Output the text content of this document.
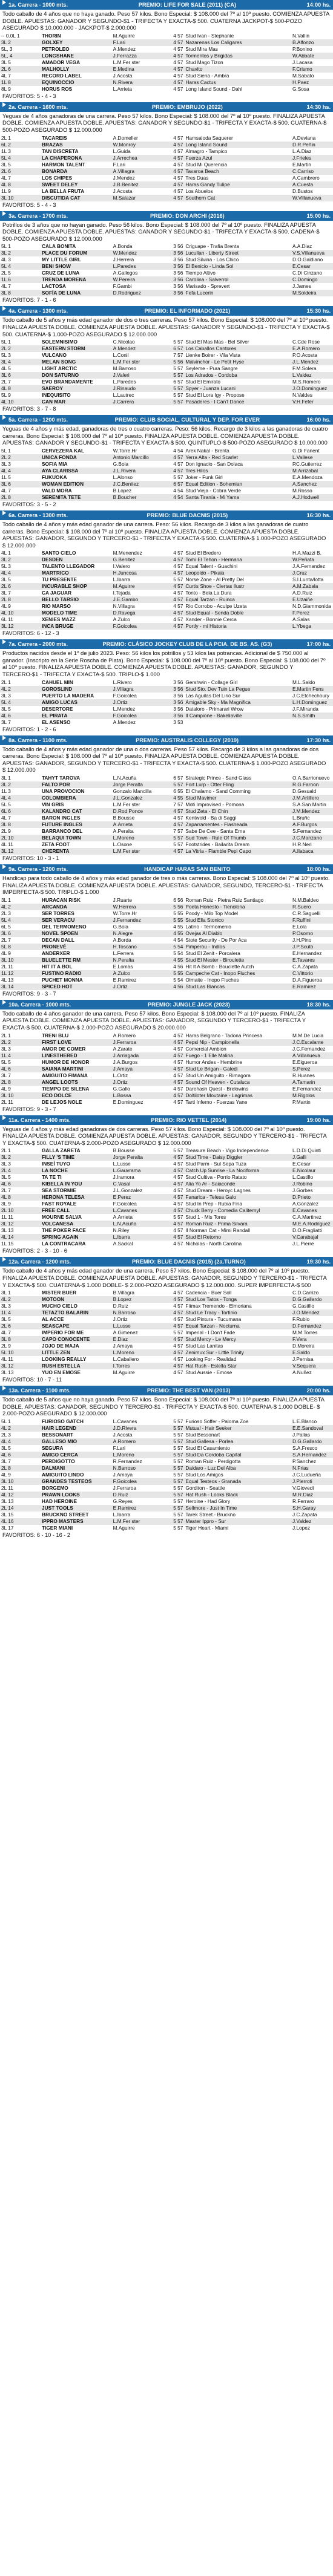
1a. Carrera - 1000 mts.	PREMIO: LIFE FOR SALE (2011) (CA)	14:00 hs.
Todo caballo de 4 años que no haya ganado. Peso 57 kilos. Bono Especial: $ 108.000 del 7º al 10º puesto. COMIENZA APUESTA DOBLE. APUESTAS: GANADOR Y SEGUNDO-$1 - TRIFECTA Y EXACTA-$ 500. CUATERNA JACKPOT-$ 500-POZO ASEGURADO $ 10.000.000 - JACKPOT-$ 2.000.000
-- 0.0L 1	THORIN	M.Aguirre	4 57	Stud Ivan - Stephanie	N.Vallin
3L 2	GOLXEY	F.Lari	4 57	Nazarenas Los Caligares	B.Alfonzo
5L, 3	PETROLEO	A.Mendez	4 57	Stud Mira Mas	P.Bonino
5L, 4	LONGSHANE	J.Ferrazza	4 57	Tormentos y Brigidas	W.Abbate
3L 5	AMADOR VEGA	L.M.Fer ster	4 57	Stud Mago Tizon	J.Lacasa
2L 6	MALHOLLY	E.Medina	4 57	Chavito	F.Crismo
4L 7	RECORD LABEL	J.Acosta	4 57	Stud Siena - Ambra	M.Sabato
1L 8	EQUINOCCIO	N.Rivera	4 57	Haras Cactus	H.Paez
8L 9	HORUS ROS	L.Arrieta	4 57	Long Island Sound - Dahl	G.Sosa
FAVORITOS: 5 - 4 - 3
2a. Carrera - 1600 mts.	PREMIO: EMBRUJO (2022)	14:30 hs.
Yeguas de 4 años ganadoras de una carrera. Peso 57 kilos. Bono Especial: $ 108.000 del 7º al 10º puesto. FINALIZA APUESTA DOBLE. COMIENZA APUESTA DOBLE. APUESTAS: GANADOR Y SEGUNDO-$1 - TRIFECTA Y EXACTA-$ 500. CUATERNA-$ 500-POZO ASEGURADO $ 12.000.000
2L 1	TACAREIS	A.Domeller	4 57	Hamsaloda Saquerer	A.Deviana
6L 2	BRAZAS	W.Monroy	4 57	Long Island Sound	D.R.Peñin
1L 3	TAN DISCRETA	L.Guida	4 57	Almagro - Tampico	L.A.Diaz
5L 4	LA CHAPERONA	J.Arrechea	4 57	Fuerza Azul	J.Frieles
3L 5	HARMON TALENT	F.Lari	4 57	Stud Mi Querencia	E.Martin
2L 6	BONARDA	A.Villagra	4 57	Tavaroa Beach	C.Carriso
4L 7	LOS CHIPES	J.Mendez	4 57	Tres Duas	A.Cambrero
4L 8	SWEET DELEY	J.B.Benitez	4 57	Haras Gandy Tulipe	A.Cuesta
1L 9	LA BELLA FRUTA	J.Acosta	4 57	Los Abuelos	D.Bustos
3L 10	DISCUTIDA CAT	M.Salazar	4 57	Southern Cat	W.Villanueva
FAVORITOS: 5 - 4 - 3
3a. Carrera - 1700 mts.	PREMIO: DON ARCHI (2016)	15:00 hs.
Potrillos de 3 años que no hayan ganado. Peso 56 kilos. Bono Especial: $ 108.000 del 7º al 10º puesto. FINALIZA APUESTA DOBLE. COMIENZA APUESTA DOBLE. APUESTAS: GANADOR Y SEGUNDO-$1 - TRIFECTA Y EXACTA-$ 500. CADENA-$ 500-POZO ASEGURADO $ 12.000.000
5L 1	CALA BONITA	A.Bonda	3 56	Criguape - Trafia Brenta	A.A.Diaz
3L 2	PLACE DU FORUM	W.Mendez	3 56	Lucullan - Liberty Street	V.S.Villanueva
4L 3	MY LITTLE GIRL	J.Herrera	3 56	Stud Silvina - Los Chico	D.O.Galdiano
5L 4	BENI SHOW	L.Paredes	3 56	El Benicio - Linda Sol	E.Cesar
2L 5	CRUZ DE LUNA	A.Gallegos	3 56	Tiempo Altivo	C.Di Cinzano
1L 6	TRENDA MORENA	W.Pereira	3 56	Carolina - Salverrol	C.Domingo
4L 7	LACTOSA	F.Gambi	3 56	Marisado - Sprevert	J.James
3L 8	SOFÍA DE LUNA	D.Rodriguez	3 56	Fefa Lucerin	M.Soldeira
FAVORITOS: 7 - 1 - 6
4a. Carrera - 1300 mts.	PREMIO: EL INFORMADO (2021)	15:30 hs.
Todo caballo de 5 años y más edad ganador de dos o tres carreras. Peso 57 kilos. Bono Especial: $ 108.000 del 7º al 10º puesto. FINALIZA APUESTA DOBLE. COMIENZA APUESTA DOBLE. APUESTAS: GANADOR Y SEGUNDO-$1 - TRIFECTA Y EXACTA-$ 500. CUATERNA-$ 1.000-POZO ASEGURADO $ 12.000.000
5L 1	SOLEMNISIMO	C.Nicolao	5 57	Stud El Mas Mas - Bel Silver	C.Cde Rose
2L 2	EASTERN STORM	A.Mendez	6 57	Los Caballos Cantores	E.A.Romero
5L 3	VULCANO	L.Conil	7 57	Lienke Boirer - Vila Vista	P.O.Acosta
3L 4	MELAN SONG	L.M.Fer ster	5 56	Malvinchor - Le Petit Hyse	J.L.Mendez
4L 5	LIGHT ARCTIC	M.Barroso	5 57	Seyleme - Pura Sangre	F.M.Solera
3L 6	DON SATURNO	J.Valeri	5 57	Los Adrados - Cordoba	L.Valdez
2L 7	EVO BRANDAMENTE	L.Paredes	6 57	Stud El Emirato	M.S.Romero
4L 8	SAEROY	J.Rinaudo	5 57	Spyer - Juanza Lucani	J.O.Dominguez
5L 9	INEQUISITO	L.Lautrec	5 57	Stud El Lora Igy - Propose	N.Valdes
4L 10	CAN MAR	J.Carrera	5 57	Pasaderes - I Can't Dance	V.H.Fefer
FAVORITOS: 3 - 7 - 8
5a. Carrera - 1200 mts.	PREMIO: CLUB SOCIAL, CULTURAL Y DEP. FOR EVER	16:00 hs.
Yeguas de 4 años y más edad, ganadoras de tres o cuatro carreras. Peso: 56 kilos. Recargo de 3 kilos a las ganadoras de cuatro carreras. Bono Especial: $ 108.000 del 7º al 10º puesto. FINALIZA APUESTA DOBLE. COMIENZA APUESTA DOBLE. APUESTAS: GANADOR Y SEGUNDO-$1 - TRIFECTA Y EXACTA-$ 500. QUINTUPLO-$ 500-POZO ASEGURADO $ 10.000.000
5L 1	CERVEZERA KAL	W.Torre.Hr	4 54	Arek Nakal - Brenta	G.Di Fanent
2L 2	UNICA FONDA	Antonio Marcillo	4 57	Yerra Alta - Red Scarlet	L.Vallese
3L 3	SOFIA MIA	G.Bola	4 57	Don Ignacio - San Dolaca	RC.Gutierrez
4L 4	AYA CLARISSA	J.L.Rivera	4 57	Tres Hilos	M.Arrizabal
1L 5	FUKUOKA	L.Alonso	5 57	Joker - Funk Girl	E.A.Mendoza
3L 6	WOMAN EDITION	J.C.Benitez	6 57	Equal Edition - Bohemian	A.Sanchez
4L 7	VALD MORA	B.Lopez	4 54	Stud Vieja - Cobra Verde	M.Rosso
2L 8	SERENITA TETE	B.Boucher	4 54	Santa Tiranía - Mi Yama	A.J.Hodwell
FAVORITOS: 3 - 5 - 2
6a. Carrera - 1300 mts.	PREMIO: BLUE DACNIS (2015)	16:30 hs.
Todo caballo de 4 años y más edad ganador de una carrera. Peso: 56 kilos. Recargo de 3 kilos a las ganadoras de cuatro carreras. Bono Especial: $ 108.000 del 7º al 10º puesto. FINALIZA APUESTA DOBLE. COMIENZA APUESTA DOBLE. APUESTAS: GANADOR, SEGUNDO Y TERCERO-$1 - TRIFECTA Y EXACTA-$ 500. CUATERNA-$ 1.000-POZO ASEGURADO $ 12.000.000
4L 1	SANTO CIELO	M.Menendez	4 57	Stud El Bredero	H.A.Mazzi B.
3L 2	DESDEN	G.Benitez	4 57	Tomi El Tehon - Hermana	W.Peñata
5L 3	TALENTO LLEGADOR	I.Valero	4 57	Equal Talent - Guachini	J.A.Fernandez
4L 4	MARTRICO	H.Juncosa	4 57	Leopoldo - Pikaia	J.Cruz
3L 5	TU PRESENTE	L.Ibarra	5 57	Norse Zone - Al Pretty Del	S.I.Lunta/lotta
2L 6	INCURABLE SHOP	M.Aguirre	4 57	Curtis Shoe - Ciertas Ilustr	A.M.Zabala
3L 7	CA JAGUAR	I.Tejada	4 57	Tonto - Bela La Dura	A.D.Ruiz
2L 8	BELLO TARSIO	J.E.Gambo	4 57	Equal Tarzan - Ruinca	E.Uzaiñe
4L 9	RIO MARSO	N.Villagra	4 57	Rio Corrobo - Aculpe Uzeta	N.D.Giammonida
4L 10	MODELO TIME	D.Ravega	4 57	Stud Equal - Senda Doble	F.Perez
6L 11	XENIES MAZZ	A.Zulco	4 57	Xander - Bonnie Cerca	A.Salas
3L 12	INCA BRUGE	F.Goicolea	4 57	Portly - mi Historia	L.Ybega
FAVORITOS: 6 - 12 - 3
7a. Carrera - 2000 mts.	PREMIO: CLÁSICO JOCKEY CLUB DE LA PCIA. DE BS. AS. (G3)	17:00 hs.
Productos nacidos desde el 1º de julio 2023. Peso: 56 kilos los potrillos y 53 kilos las potrancas. Adicional de $ 750.000 al ganador. (Inscripto en la Serie Roscha de Plata). Bono Especial: $ 108.000 del 7º al 10º puesto. Bono Especial: $ 108.000 del 7º al 10º puesto. FINALIZA APUESTA DOBLE. COMIENZA APUESTA DOBLE. APUESTAS: GANADOR, SEGUNDO Y TERCERO-$1 - TRIFECTA Y EXACTA-$ 500. TRIPLO-$ 1.000
2L 1	CAHUEL MIN	L.Rivero	3 56	Gershwin - Collage Girl	M.L.Saldo
4L 2	GOROSLIND	J.Villagra	3 56	Stud Sto. Dev Tuin La Pegue	E.Martin Fens
3L 3	PUERTO LA MADERA	F.Goicolea	3 56	Las Aguilas Del Lirio Sur	J.C.Etchechoury
5L 4	AMIGO LUCAS	J.Ortiz	3 56	Amigable Sky - Ma Magnifica	L.H.Dominguez
3L 5	DESERTORE	L.Mendez	3 56	Dataloro - Primarari Wrow	J.F.Miranda
4L 6	EL PIRATA	F.Goicolea	3 56	Il Campione - Bakeliaville	N.S.Smith
3L 7	EL ASENSO	A.Mendez	3 53		
FAVORITOS: 1 - 2 - 6
8a. Carrera - 1100 mts.	PREMIO: AUSTRALIS COLLEGY (2019)	17:30 hs.
Todo caballo de 4 años y más edad ganador de una o dos carreras. Peso 57 kilos. Recargo de 3 kilos a las ganadoras de dos carreras. Bono Especial: $ 108.000 del 7º al 10º puesto. FINALIZA APUESTA DOBLE. COMIENZA APUESTA DOBLE. APUESTAS: GANADOR, SEGUNDO Y TERCERO-$1 - TRIFECTA Y EXACTA-$ 500. CUATERNA-$ 1.000-POZO ASEGURADO $ 12.000.000
3L 1	TAHYT TAROVA	L.N.Acuña	6 57	Strategic Prince - Sand Glass	O.A.Barrionuevo
3L 2	FALTO POR	Jorge Peralta	5 57	Fort Lurp - Otter Fling	R.G.Farnon
1L 3	UNA PROVOCION	Gonzalo Mancilla	6 55	El Chalamo - Sand Comming	D.Gesuald
4L 4	COLOMBIERA	J.L.Gonzalez	4 55	Stud Mavimer	J.M.Artillero
5L 5	VIN GRIS	L.M.Fer ster	7 57	Moti Improvised - Pomona	S.A.San Martin
6L 6	KALANDRO CAT	D.Rod Ponce	4 57	Stud Zeta - El Chin	J.M.Mendez
4L 7	BARON INGLES	B.Bousse	4 57	Kentwold - Ba di Saggi	L.Bruñc
3L 8	FUTURE INGLES	A.Arrieta	4 57	Zaparramentes - Flasheada	A.F.Burgos
2L 9	BARRANCO DEL	A.Peralta	7 57	Sabe De Cee - Santa Erna	S.Fernandez
2L 10	BELAQUI TOWN	L.Moreno	5 57	Sud Town - Rule Of Thumb	J.C.Manzano
4L 11	ZETA FOOT	L.Osone	5 57	Footstrides - Bailarita Dream	H.R.Neri
3L 12	CHERENTA	L.M.Fer ster	4 57	La Vitria - Flambie Pepi Capo	A.Ilabaca
FAVORITOS: 10 - 3 - 1
9a. Carrera - 1200 mts.	HANDICAP HARAS SAN BENITO	18:00 hs.
Handicap para todo caballo de 4 años y más edad ganador de tres o más carreras. Bono Especial: $ 108.000 del 7º al 10º puesto. FINALIZA APUESTA DOBLE. COMIENZA APUESTA DOBLE. APUESTAS: GANADOR, SEGUNDO, TERCERO-$1 - TRIFECTA IMPERFECTA-$ 500. TRIPLO-$ 1.000
3L 1	HURACAN RISK	J.Ruarte	6 56	Roman Ruiz - Pietra Ruiz Santiago	N.M.Baldeo
4L 2	ARCANDA	W.Herrera	5 56	Poeta Honesto - Tienolona	R.Suero
2L 3	SER TORRES	W.Torre.Hr	5 55	Poody - Milo Top Model	C.R.Saguelli
5L 4	SER VERACU	J.Fernandez	5 55	Stud Ella Stonico	F.Ruffini
6L 5	DEL TERMOMENO	G.Bola	4 55	Latino - Termomenio	E.Lola
3L 6	NOVEL SPOEN	N.Alegre	4 55	Ovejas Al Diablo	P.Osorno
2L 7	DECAN DALL	A.Borda	4 54	Stote Security - De Por Aca	J.H.Pino
5L 8	PRONEVÉ	H.Toscano	5 54	Pimperou - Indios	J.P.Scuto
4L 9	ANDERXER	L.Ferrera	5 54	Stud El Zenit - Porcalera	E.Hernandez
3L 10	BLUELETTE RM	N.Peralta	4 55	Stud El Mester - Biroulette	E.Tavares
2L 11	HIT IT A BOL	E.Lomas	4 56	Hit It A Bomb - Bouclette Autch	C.A.Zapata
1L 12	FUSTINO RADIO	A.Zulco	5 55	Campeche Cat - Inopo Fluches	C.Vittorio
4L 13	PUCHET MONNA	E.Ramirez	5 54	Olmaite - Inopo Fluches	D.A.Figueroa
3L 14	SPICED HOT	J.Ortiz	4 56	Stud Las Blancas	E.Ramirez
FAVORITOS: 9 - 3 - 7
10a. Carrera - 1000 mts.	PREMIO: JUNGLE JACK (2023)	18:30 hs.
Todo caballo de 4 años ganador de una carrera. Peso 57 kilos. Bono Especial: $ 108.000 del 7º al 10º puesto. FINALIZA APUESTA DOBLE. COMIENZA APUESTA DOBLE. APUESTAS: GANADOR, SEGUNDO Y TERCERO-$1 - TRIFECTA Y EXACTA-$ 500. CUATERNA-$ 2.000-POZO ASEGURADO $ 20.000.000
2L 1	TRENI BLU	A.Romero	4 57	Haras Belgrano - Tadona Princesa	M.M.De Lucia
2L 2	FIRST LOVE	J.Ferraroa	4 57	Pepsi Nip - Campionella	J.C.Escalante
3L 3	AMOR DE COMER	A.Zarate	4 57	Comercial Ambion	J.C.Fernandez
1L 4	LINESTHERED	J.Arriagada	4 57	Fuego - 1 Elle Malina	A.Villanueva
5L 5	HUMOR DE HONOR	J.A.Burgos	4 57	Humor Andes - Hembrine	E.Eigueroa
4L 6	SAIANA MARTINI	J.Amaya	4 57	Stud Le Brigan - Galedi	S.Perez
3L 7	AMIGUITO FIMANA	L.Ortiz	4 57	Stud Un Amiguito - Rimagora	R.Huanes
2L 8	ANGEL LOOTS	J.Ortiz	4 57	Sound Of Heaven - Cutaluca	A.Tamarin
4L 9	TIEMPO DE SILENA	G.Gallo	4 57	Darehash Quest - Brelowins	E.Fernandez
3L 10	ECO DOLCE	L.Bossa	4 57	Doltiloter Moutaine - Lagrimas	M.Rigolos
2L 11	DE LEJOS NOLE	E.Dominguez	4 57	Tarti Inferno - Fuerzas Yane	P.Martin
FAVORITOS: 9 - 3 - 7
11a. Carrera - 1400 mts.	PREMIO: RIO VETTEL (2014)	19:00 hs.
Yeguas de 4 años y más edad ganadoras de dos carreras. Peso 57 kilos. Bono Especial: $ 108.000 del 7º al 10º puesto. FINALIZA APUESTA DOBLE. COMIENZA APUESTA DOBLE. APUESTAS: GANADOR, SEGUNDO Y TERCERO-$1 - TRIFECTA Y EXACTA-$ 500. CUATERNA-$ 2.000-POZO ASEGURADO $ 12.000.000
2L 1	GALLA ZARETA	B.Bousse	5 57	Treasure Beach - Vigo Independence	L.D.Di Quinti
3L 2	FILLY 'S TIME	Jorge Peralta	4 57	Stud Time - Daisy Diggler	J.Galli
3L 3	INSEÍ TUYO	L.Lusse	4 57	Stud Parm - Sul Sepa Tuza	E.Cesar
2L 4	LA NOCHE	L.Gauvrama	4 57	Catch Up Sunrise - La Nociforma	E.Nicolaur
3L 5	TA TE TI	J.Iramora	4 57	Stud Cultiva - Porrio Ratato	L.Castillo
4L 6	KIBELLA IN YOU	C.Vasal	4 57	Alia Yo Ar - Saiaconde	J.Robino
2L 7	SEA STORMIE	J.L.Gonzalez	4 57	Stud Dream - Heroyc Lagnes	J.Gorbes
4L 8	HERONA TELESA	E.Perez	4 57	Fanarica - Telesa Galo	D.Prieto
3L 9	FAST ROYALE	F.Goicolea	4 57	Stud In Prep - Rubia Fina	A.Gonzalez
2L 10	FREE CALL	L.Cavanes	4 57	Chuck Berry - Comedia Caliternyl	E.Cavanes
1L 11	MOURNE SALVA	A.Arrieta	5 57	Stud 1 - Mis Tores	C.A.Martinez
3L 12	VOLCANESA	L.N.Acuña	4 57	Roman Ruiz - Prima Silvara	M.E.A.Rodriguez
3L 13	THE POKER FACE	N.Riley	4 57	Il Norman Cat - Mimi Randall	D.O.Fragliatti
4L 14	SPRING AGAIN	L.Ibarra	4 57	Stud El Retorno	V.Carabajal
1L 15	LA CONTRACARA	A.Sackal	4 57	Nicholas - North Carolina	J.L.Pierre
FAVORITOS: 2 - 3 - 10 - 6
12a. Carrera - 1200 mts.	PREMIO: BLUE DACNIS (2015) (2a.TURNO)	19:30 hs.
Todo caballo de 4 años y más edad ganador de una carrera. Peso 57 kilos. Bono Especial: $ 108.000 del 7º al 10º puesto. FINALIZA APUESTA DOBLE. COMIENZA APUESTA DOBLE. APUESTAS: GANADOR, SEGUNDO Y TERCERO-$1 - TRIFECTA Y EXACTA-$ 500. CUATERNA-$ 1.000 DOBLE- $ 2.000-POZO ASEGURADO $ 12.000.000. SUPER IMPERFECTA-$ 500
3L 1	MISTER BUER	B.Villagra	4 57	Cadencia - Buer Soll	C.D.Carrizo
4L 2	MOTOON	B.Lopez	4 57	Stud Los Tatos - Tonga	D.G.Gallardo
3L 3	MUCHO CIELO	D.Ruiz	4 57	Fitmax Tremendo - Elmoriana	G.Castillo
1L 4	TETAZTO BALARIN	N.Barroso	4 57	Stud Le Tracy - Tortinio	J.O.Mendez
3L 5	AL ACCE	J.Ortiz	4 57	Stud Pintura - Tucumana	F.Rubio
2L 6	SEASCAPE	L.Lusse	4 57	Equal Tarzan - Nocturna	D.Fernandez
4L 7	IMPERIO FOR ME	A.Gimenez	5 57	Imperial - I Don't Fade	M.M.Torres
3L 8	CAPO CONOCENTE	E.Diaz	4 57	Stud Mercy - Le Mercy	F.Vera
2L 9	JOJO DE MAJA	J.Amaya	4 57	Stud Las Lanitas	D.Moreira
5L 10	LITTLE ZEN	L.Moreno	4 57	Zenimux Sur - Little Trinity	E.Saldo
4L 11	LOOKING REALLY	L.Caballero	4 57	Looking For - Realidad	J.Pernisa
3L 12	RUSH ESTELLA	I.Torres	4 57	Hat Rush - Estella Star	V.Sequera
3L 13	YUO EN EMOSE	M.Aguirre	4 57	Stud Aussie - Emose	A.Nuñez
FAVORITOS: 10 - 7 - 11
13a. Carrera - 1100 mts.	PREMIO: THE BEST VAN (2013)	20:00 hs.
Todo caballo de 5 años que no haya ganado. Peso 57 kilos. Bono Especial: $ 108.000 del 7º al 10º puesto. FINALIZA APUESTA DOBLE. APUESTAS: GANADOR, SEGUNDO Y TERCERO-$1 - TRIFECTA Y EXACTA-$ 500. CUATERNA-$ 1.000 DOBLE- $ 2.000-POZO ASEGURADO $ 12.000.000
5L 1	FURIOSO GATCH	L.Cavanes	5 57	Furioso Soffer - Paloma Zoe	L.E.Blanco
4L 2	HAIR LEGEND	J.D.Rivera	5 57	Mutual - Hair Seeker	E.E.Sandoval
2L 3	BESSONART	J.Acosta	5 57	Stud Bessonart	J.Pallas
4L 4	GALLESO MIO	A.Romero	5 57	Stud Gallesa - Porlea	D.G.Gallardo
3L 5	SEGURA	F.Lari	5 57	Stud El Casamiento	S.A.Fresco
4L 6	AMIGO CERCA	L.Moreno	5 57	Stud Da Cordoba Capital	S.A.Hernandez
3L 7	PERDIGOTTO	R.Fernandez	5 57	Roman Ruiz - Perdigotta	P.Sanchez
2L 8	DALMANI	N.Barroso	5 57	Daidaro - Luz Del Alba	N.Frias
4L 9	AMIGUITO LINDO	J.Amaya	5 57	Stud Los Amigos	J.C.Ludueña
3L 10	GRANDES TESTEOS	F.Goicolea	5 57	Equal Testeos - Granada	J.Pierroti
2L 11	BORGEMO	J.Ferraroa	5 57	Gorditon - Seattle	V.Giovedi
4L 12	PRAWN LOOKS	D.Ruiz	5 57	Hat Rush - Looks Black	M.R.Diaz
3L 13	HAD HEROINE	G.Reyes	5 57	Heroine - Had Glory	R.Ferraro
2L 14	JUST TOOLS	E.Ramirez	5 57	Sellmore - Just In Time	S.H.Garay
3L 15	BRUCKNO STREET	L.Ibarra	5 57	Tarek Street - Bruckno	J.C.Zapata
4L 16	IPPRO MASTERS	L.M.Fer ster	5 57	Master Ippro - Sur	J.Valdez
3L 17	TIGER MIANI	M.Aguirre	5 57	Tiger Heart - Miami	J.Lopez
FAVORITOS: 6 - 10 - 16 - 2
